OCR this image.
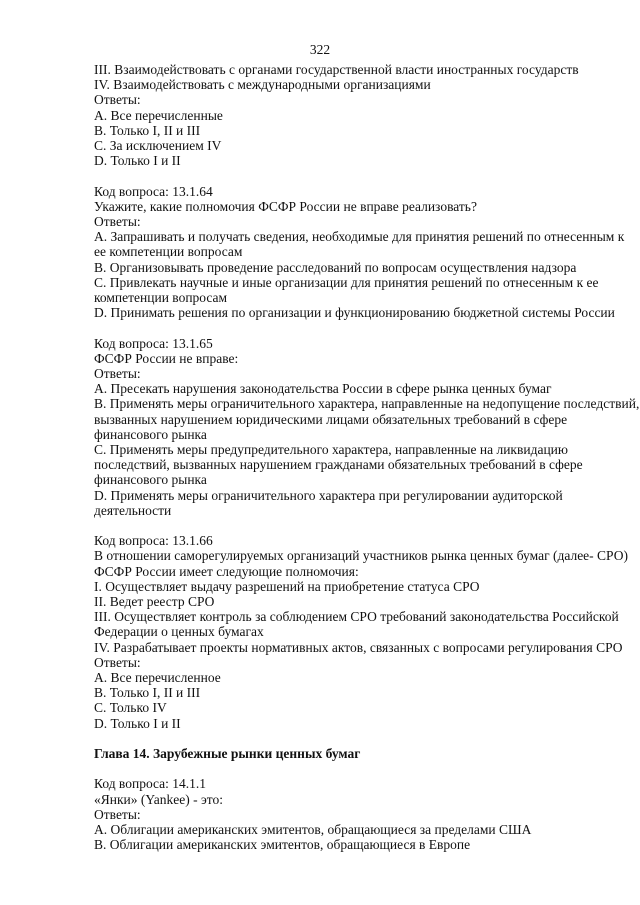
322
III. Взаимодействовать с органами государственной власти иностранных государств
IV. Взаимодействовать с международными организациями
Ответы:
A. Все перечисленные
B. Только I, II и III
C. За исключением IV
D. Только I и II
Код вопроса: 13.1.64
Укажите, какие полномочия ФСФР России не вправе реализовать?
Ответы:
A. Запрашивать и получать сведения, необходимые для принятия решений по отнесенным к
ее компетенции вопросам
B. Организовывать проведение расследований по вопросам осуществления надзора
C. Привлекать научные и иные организации для принятия решений по отнесенным к ее
компетенции вопросам
D. Принимать решения по организации и функционированию бюджетной системы России
Код вопроса: 13.1.65
ФСФР России не вправе:
Ответы:
A. Пресекать нарушения законодательства России в сфере рынка ценных бумаг
B. Применять меры ограничительного характера, направленные на недопущение последствий,
вызванных нарушением юридическими лицами обязательных требований в сфере
финансового рынка
C. Применять меры предупредительного характера, направленные на ликвидацию
последствий, вызванных нарушением гражданами обязательных требований в сфере
финансового рынка
D. Применять меры ограничительного характера при регулировании аудиторской
деятельности
Код вопроса: 13.1.66
В отношении саморегулируемых организаций участников рынка ценных бумаг (далее- СРО)
ФСФР России имеет следующие полномочия:
I. Осуществляет выдачу разрешений на приобретение статуса СРО
II. Ведет реестр СРО
III. Осуществляет контроль за соблюдением СРО требований законодательства Российской
Федерации о ценных бумагах
IV. Разрабатывает проекты нормативных актов, связанных с вопросами регулирования СРО
Ответы:
A. Все перечисленное
B. Только I, II и III
C. Только IV
D. Только I и II
Глава 14. Зарубежные рынки ценных бумаг
Код вопроса: 14.1.1
«Янки» (Yankee) - это:
Ответы:
A. Облигации американских эмитентов, обращающиеся за пределами США
B. Облигации американских эмитентов, обращающиеся в Европе
